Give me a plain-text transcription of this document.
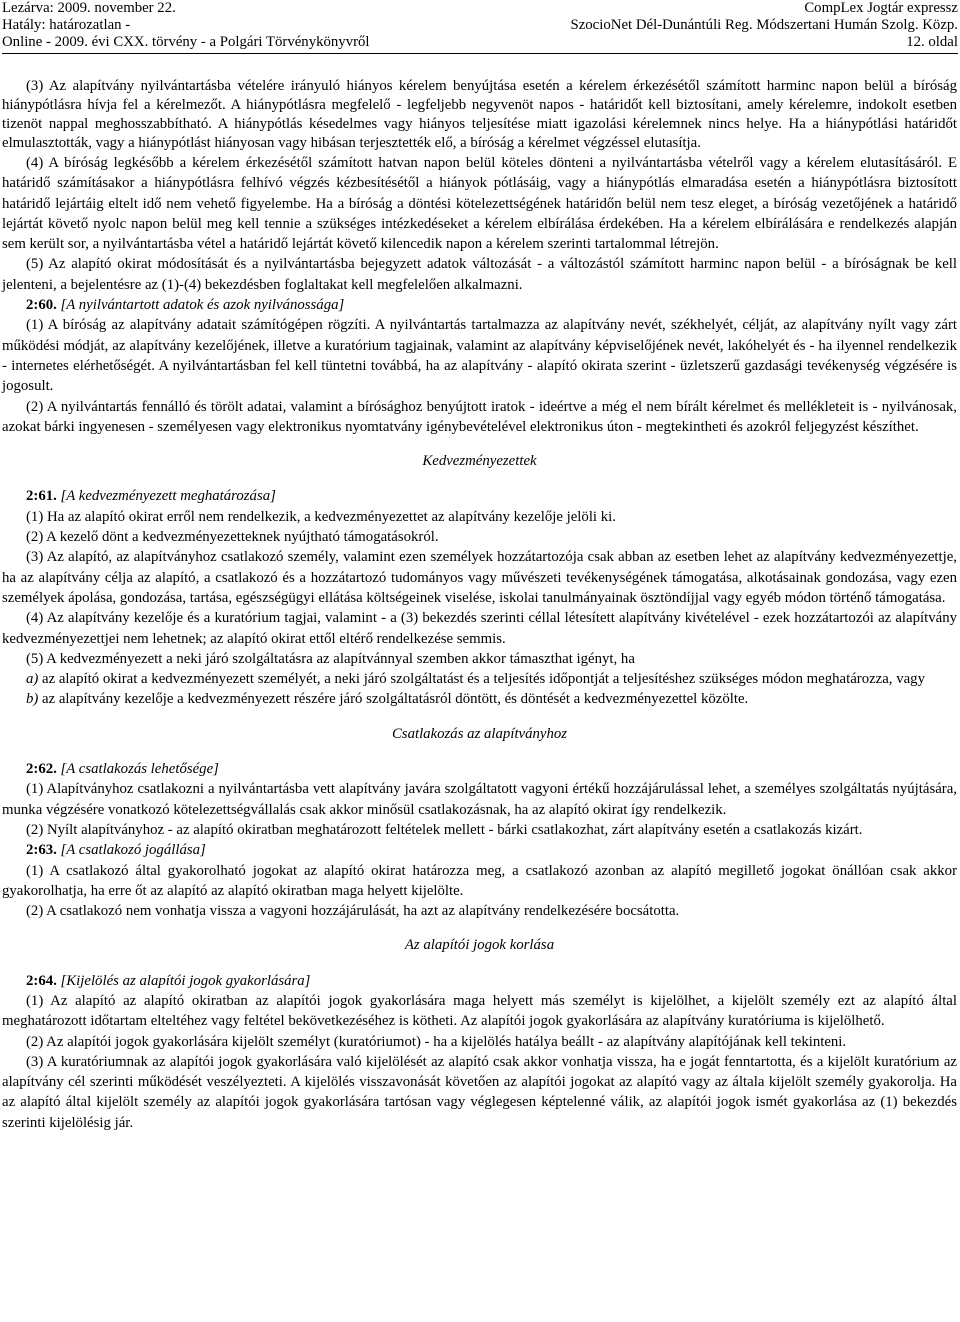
Lezárva: 2009. november 22.
Hatály: határozatlan -
Online - 2009. évi CXX. törvény - a Polgári Törvénykönyvről
CompLex Jogtár expressz
SzocioNet Dél-Dunántúli Reg. Módszertani Humán Szolg. Közp.
12. oldal

(3) Az alapítvány nyilvántartásba vételére irányuló hiányos kérelem benyújtása esetén a kérelem érkezésétől számított harminc napon belül a bíróság hiánypótlásra hívja fel a kérelmezőt. A hiánypótlásra megfelelő - legfeljebb negyvenöt napos - határidőt kell biztosítani, amely kérelemre, indokolt esetben tizenöt nappal meghosszabbítható. A hiánypótlás késedelmes vagy hiányos teljesítése miatt igazolási kérelemnek nincs helye. Ha a hiánypótlási határidőt elmulasztották, vagy a hiánypótlást hiányosan vagy hibásan terjesztették elő, a bíróság a kérelmet végzéssel elutasítja.

(4) A bíróság legkésőbb a kérelem érkezésétől számított hatvan napon belül köteles dönteni a nyilvántartásba vételről vagy a kérelem elutasításáról. E határidő számításakor a hiánypótlásra felhívó végzés kézbesítésétől a hiányok pótlásáig, vagy a hiánypótlás elmaradása esetén a hiánypótlásra biztosított határidő lejártáig eltelt idő nem vehető figyelembe. Ha a bíróság a döntési kötelezettségének határidőn belül nem tesz eleget, a bíróság vezetőjének a határidő lejártát követő nyolc napon belül meg kell tennie a szükséges intézkedéseket a kérelem elbírálása érdekében. Ha a kérelem elbírálására e rendelkezés alapján sem került sor, a nyilvántartásba vétel a határidő lejártát követő kilencedik napon a kérelem szerinti tartalommal létrejön.

(5) Az alapító okirat módosítását és a nyilvántartásba bejegyzett adatok változását - a változástól számított harminc napon belül - a bíróságnak be kell jelenteni, a bejelentésre az (1)-(4) bekezdésben foglaltakat kell megfelelően alkalmazni.

2:60. [A nyilvántartott adatok és azok nyilvánossága]

(1) A bíróság az alapítvány adatait számítógépen rögzíti. A nyilvántartás tartalmazza az alapítvány nevét, székhelyét, célját, az alapítvány nyílt vagy zárt működési módját, az alapítvány kezelőjének, illetve a kuratórium tagjainak, valamint az alapítvány képviselőjének nevét, lakóhelyét és - ha ilyennel rendelkezik - internetes elérhetőségét. A nyilvántartásban fel kell tüntetni továbbá, ha az alapítvány - alapító okirata szerint - üzletszerű gazdasági tevékenység végzésére is jogosult.

(2) A nyilvántartás fennálló és törölt adatai, valamint a bírósághoz benyújtott iratok - ideértve a még el nem bírált kérelmet és mellékleteit is - nyilvánosak, azokat bárki ingyenesen - személyesen vagy elektronikus nyomtatvány igénybevételével elektronikus úton - megtekintheti és azokról feljegyzést készíthet.

Kedvezményezettek

2:61. [A kedvezményezett meghatározása]

(1) Ha az alapító okirat erről nem rendelkezik, a kedvezményezettet az alapítvány kezelője jelöli ki.

(2) A kezelő dönt a kedvezményezetteknek nyújtható támogatásokról.

(3) Az alapító, az alapítványhoz csatlakozó személy, valamint ezen személyek hozzátartozója csak abban az esetben lehet az alapítvány kedvezményezettje, ha az alapítvány célja az alapító, a csatlakozó és a hozzátartozó tudományos vagy művészeti tevékenységének támogatása, alkotásainak gondozása, vagy ezen személyek ápolása, gondozása, tartása, egészségügyi ellátása költségeinek viselése, iskolai tanulmányainak ösztöndíjjal vagy egyéb módon történő támogatása.

(4) Az alapítvány kezelője és a kuratórium tagjai, valamint - a (3) bekezdés szerinti céllal létesített alapítvány kivételével - ezek hozzátartozói az alapítvány kedvezményezettjei nem lehetnek; az alapító okirat ettől eltérő rendelkezése semmis.

(5) A kedvezményezett a neki járó szolgáltatásra az alapítvánnyal szemben akkor támaszthat igényt, ha

a) az alapító okirat a kedvezményezett személyét, a neki járó szolgáltatást és a teljesítés időpontját a teljesítéshez szükséges módon meghatározza, vagy

b) az alapítvány kezelője a kedvezményezett részére járó szolgáltatásról döntött, és döntését a kedvezményezettel közölte.

Csatlakozás az alapítványhoz

2:62. [A csatlakozás lehetősége]

(1) Alapítványhoz csatlakozni a nyilvántartásba vett alapítvány javára szolgáltatott vagyoni értékű hozzájárulással lehet, a személyes szolgáltatás nyújtására, munka végzésére vonatkozó kötelezettségvállalás csak akkor minősül csatlakozásnak, ha az alapító okirat így rendelkezik.

(2) Nyílt alapítványhoz - az alapító okiratban meghatározott feltételek mellett - bárki csatlakozhat, zárt alapítvány esetén a csatlakozás kizárt.

2:63. [A csatlakozó jogállása]

(1) A csatlakozó által gyakorolható jogokat az alapító okirat határozza meg, a csatlakozó azonban az alapító megillető jogokat önállóan csak akkor gyakorolhatja, ha erre őt az alapító az alapító okiratban maga helyett kijelölte.

(2) A csatlakozó nem vonhatja vissza a vagyoni hozzájárulását, ha azt az alapítvány rendelkezésére bocsátotta.

Az alapítói jogok korlása

2:64. [Kijelölés az alapítói jogok gyakorlására]

(1) Az alapító az alapító okiratban az alapítói jogok gyakorlására maga helyett más személyt is kijelölhet, a kijelölt személy ezt az alapító által meghatározott időtartam elteltéhez vagy feltétel bekövetkezéséhez is kötheti. Az alapítói jogok gyakorlására az alapítvány kuratóriuma is kijelölhető.

(2) Az alapítói jogok gyakorlására kijelölt személyt (kuratóriumot) - ha a kijelölés hatálya beállt - az alapítvány alapítójának kell tekinteni.

(3) A kuratóriumnak az alapítói jogok gyakorlására való kijelölését az alapító csak akkor vonhatja vissza, ha e jogát fenntartotta, és a kijelölt kuratórium az alapítvány cél szerinti működését veszélyezteti. A kijelölés visszavonását követően az alapítói jogokat az alapító vagy az általa kijelölt személy gyakorolja. Ha az alapító által kijelölt személy az alapítói jogok gyakorlására tartósan vagy véglegesen képtelenné válik, az alapítói jogok ismét gyakorlása az (1) bekezdés szerinti kijelölésig jár.
